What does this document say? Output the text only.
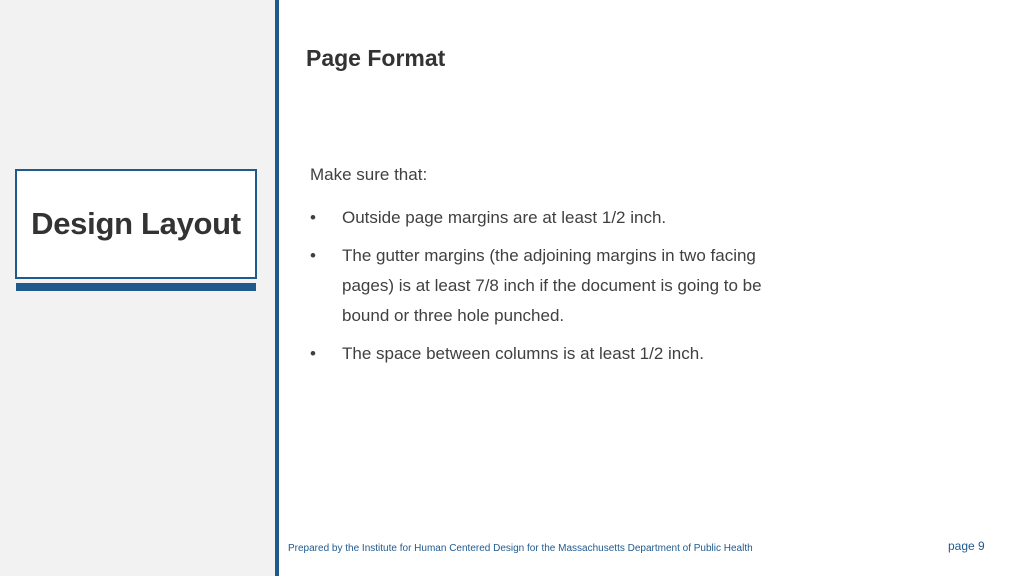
Design Layout
Page Format
Make sure that:
• Outside page margins are at least 1/2 inch.
• The gutter margins (the adjoining margins in two facing pages) is at least 7/8 inch if the document is going to be bound or three hole punched.
• The space between columns is at least 1/2 inch.
Prepared by the Institute for Human Centered Design for the Massachusetts Department of Public Health	page 9
